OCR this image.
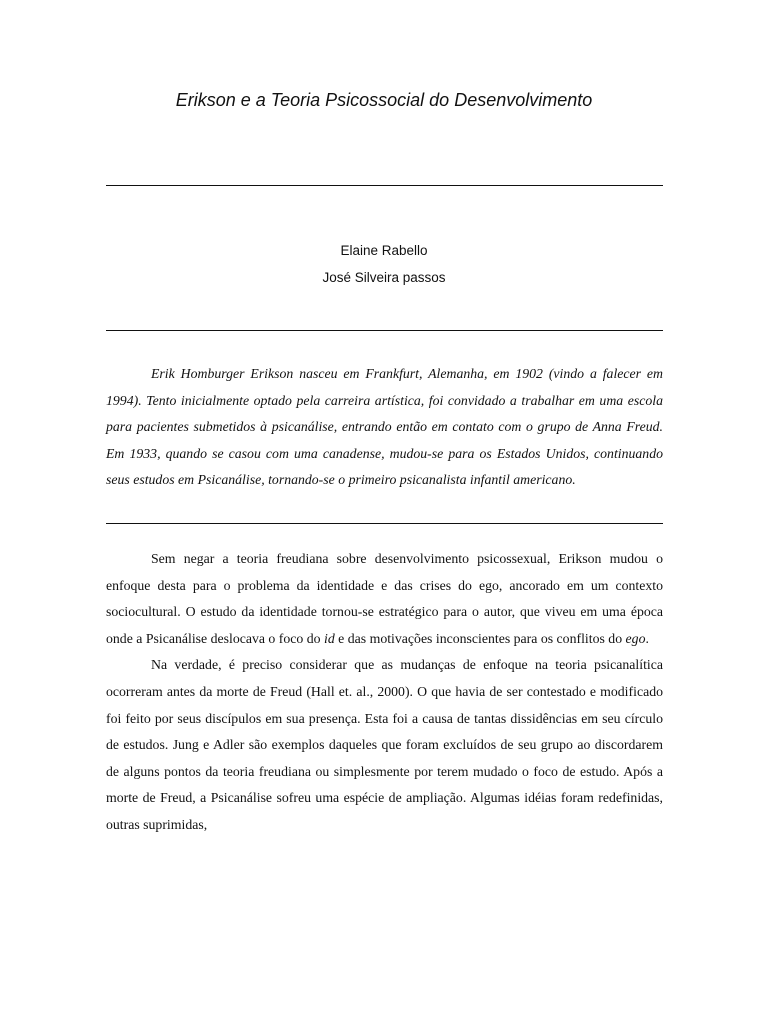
Erikson e a Teoria Psicossocial do Desenvolvimento
Elaine Rabello
José Silveira passos

Erik Homburger Erikson nasceu em Frankfurt, Alemanha, em 1902 (vindo a falecer em 1994). Tento inicialmente optado pela carreira artística, foi convidado a trabalhar em uma escola para pacientes submetidos à psicanálise, entrando então em contato com o grupo de Anna Freud. Em 1933, quando se casou com uma canadense, mudou-se para os Estados Unidos, continuando seus estudos em Psicanálise, tornando-se o primeiro psicanalista infantil americano.

Sem negar a teoria freudiana sobre desenvolvimento psicossexual, Erikson mudou o enfoque desta para o problema da identidade e das crises do ego, ancorado em um contexto sociocultural. O estudo da identidade tornou-se estratégico para o autor, que viveu em uma época onde a Psicanálise deslocava o foco do id e das motivações inconscientes para os conflitos do ego.

Na verdade, é preciso considerar que as mudanças de enfoque na teoria psicanalítica ocorreram antes da morte de Freud (Hall et. al., 2000). O que havia de ser contestado e modificado foi feito por seus discípulos em sua presença. Esta foi a causa de tantas dissidências em seu círculo de estudos. Jung e Adler são exemplos daqueles que foram excluídos de seu grupo ao discordarem de alguns pontos da teoria freudiana ou simplesmente por terem mudado o foco de estudo. Após a morte de Freud, a Psicanálise sofreu uma espécie de ampliação. Algumas idéias foram redefinidas, outras suprimidas,
